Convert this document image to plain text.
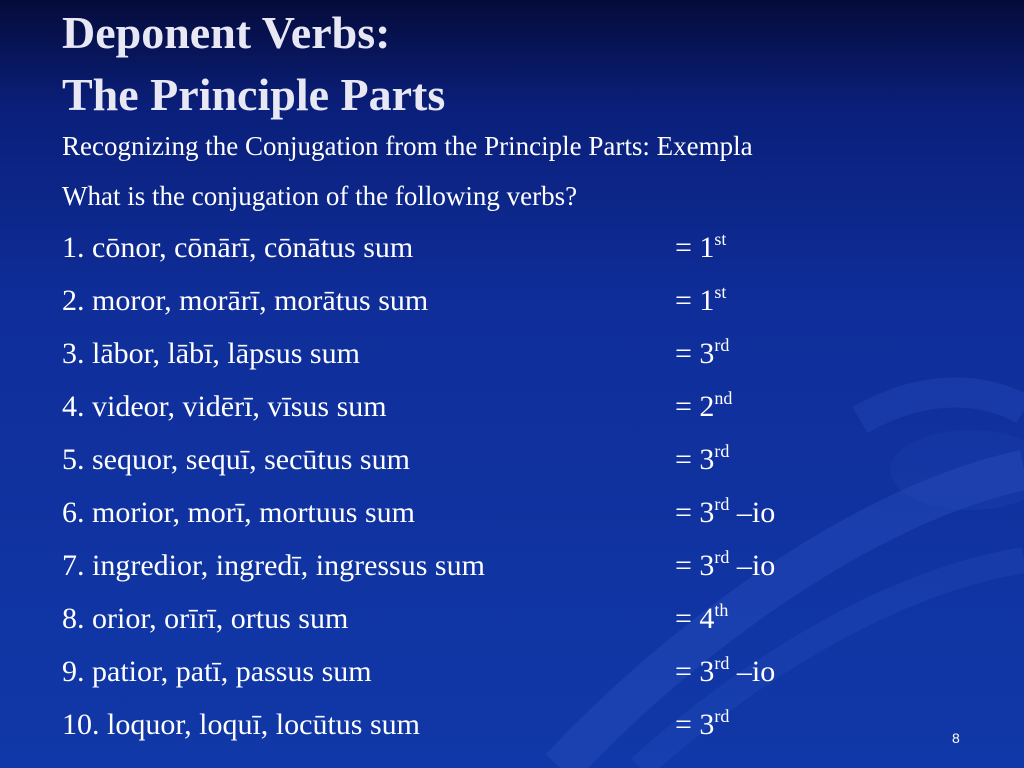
Deponent Verbs:
The Principle Parts

Recognizing the Conjugation from the Principle Parts: Exempla

What is the conjugation of the following verbs?

1. cōnor, cōnārī, cōnātus sum	= 1st
2. moror, morārī, morātus sum	= 1st
3. lābor, lābī, lāpsus sum	= 3rd
4. videor, vidērī, vīsus sum	= 2nd
5. sequor, sequī, secūtus sum	= 3rd
6. morior, morī, mortuus sum	= 3rd –io
7. ingredior, ingredī, ingressus sum	= 3rd –io
8. orior, orīrī, ortus sum	= 4th
9. patior, patī, passus sum	= 3rd –io
10. loquor, loquī, locūtus sum	= 3rd
8
